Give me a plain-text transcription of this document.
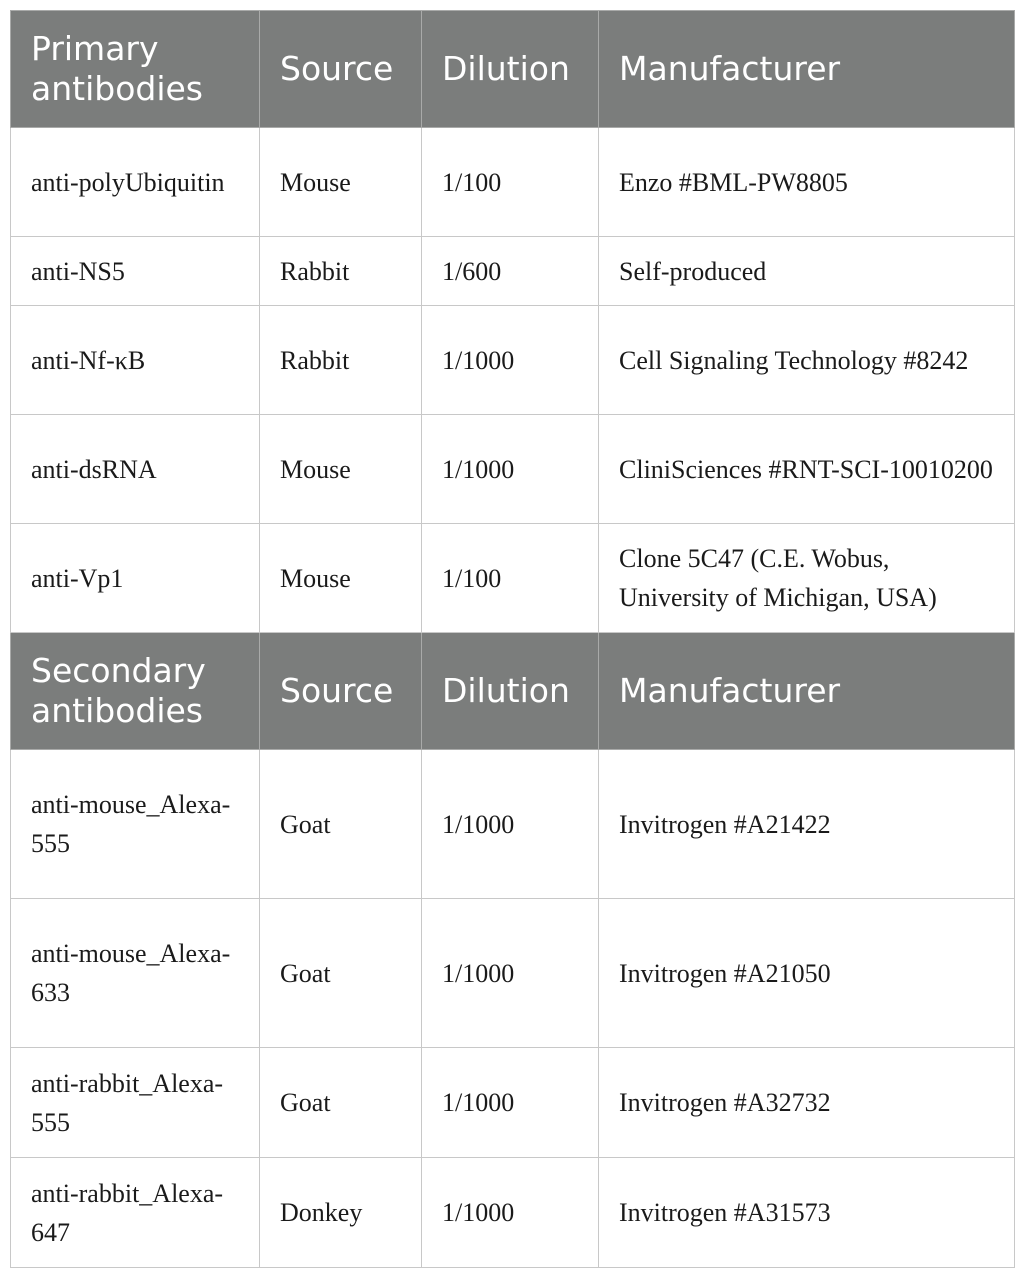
Primary antibodies	Source	Dilution	Manufacturer
anti-polyUbiquitin	Mouse	1/100	Enzo #BML-PW8805
anti-NS5	Rabbit	1/600	Self-produced
anti-Nf-κB	Rabbit	1/1000	Cell Signaling Technology #8242
anti-dsRNA	Mouse	1/1000	CliniSciences #RNT-SCI-10010200
anti-Vp1	Mouse	1/100	Clone 5C47 (C.E. Wobus, University of Michigan, USA)
Secondary antibodies	Source	Dilution	Manufacturer
anti-mouse_Alexa-555	Goat	1/1000	Invitrogen #A21422
anti-mouse_Alexa-633	Goat	1/1000	Invitrogen #A21050
anti-rabbit_Alexa-555	Goat	1/1000	Invitrogen #A32732
anti-rabbit_Alexa-647	Donkey	1/1000	Invitrogen #A31573
